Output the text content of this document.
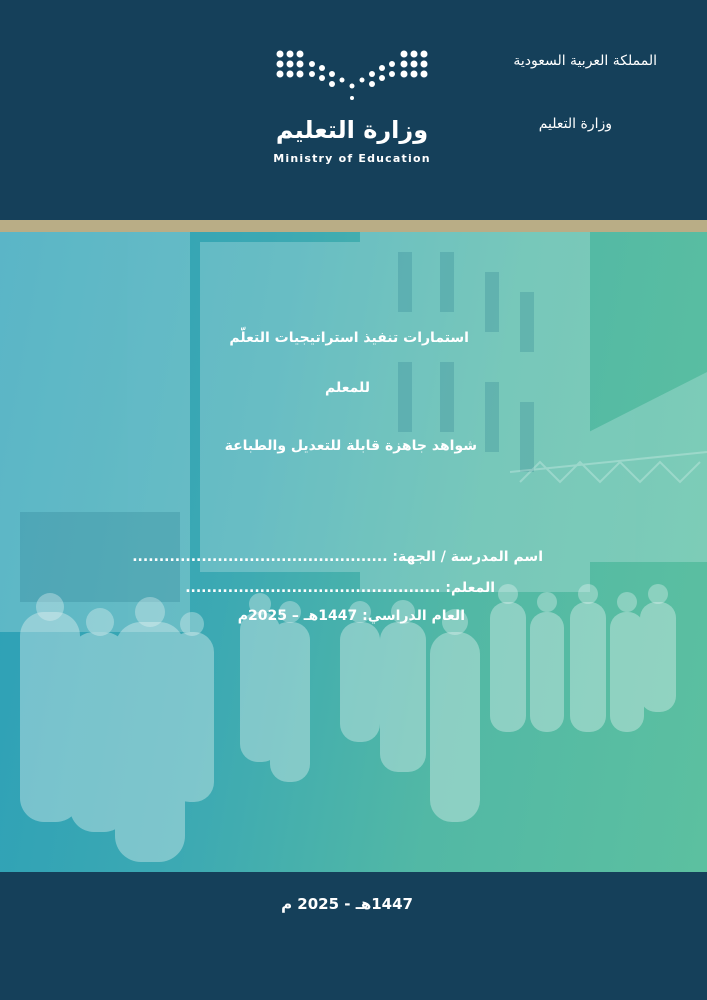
وزارة التعليم
Ministry of Education
المملكة العربية السعودية
وزارة التعليم
استمارات تنفيذ استراتيجيات التعلّم
للمعلم
شواهد جاهزة قابلة للتعديل والطباعة
اسم المدرسة / الجهة: ................................................
المعلم: ................................................
العام الدراسي: 1447هـ – 2025م
1447هـ - 2025 م
